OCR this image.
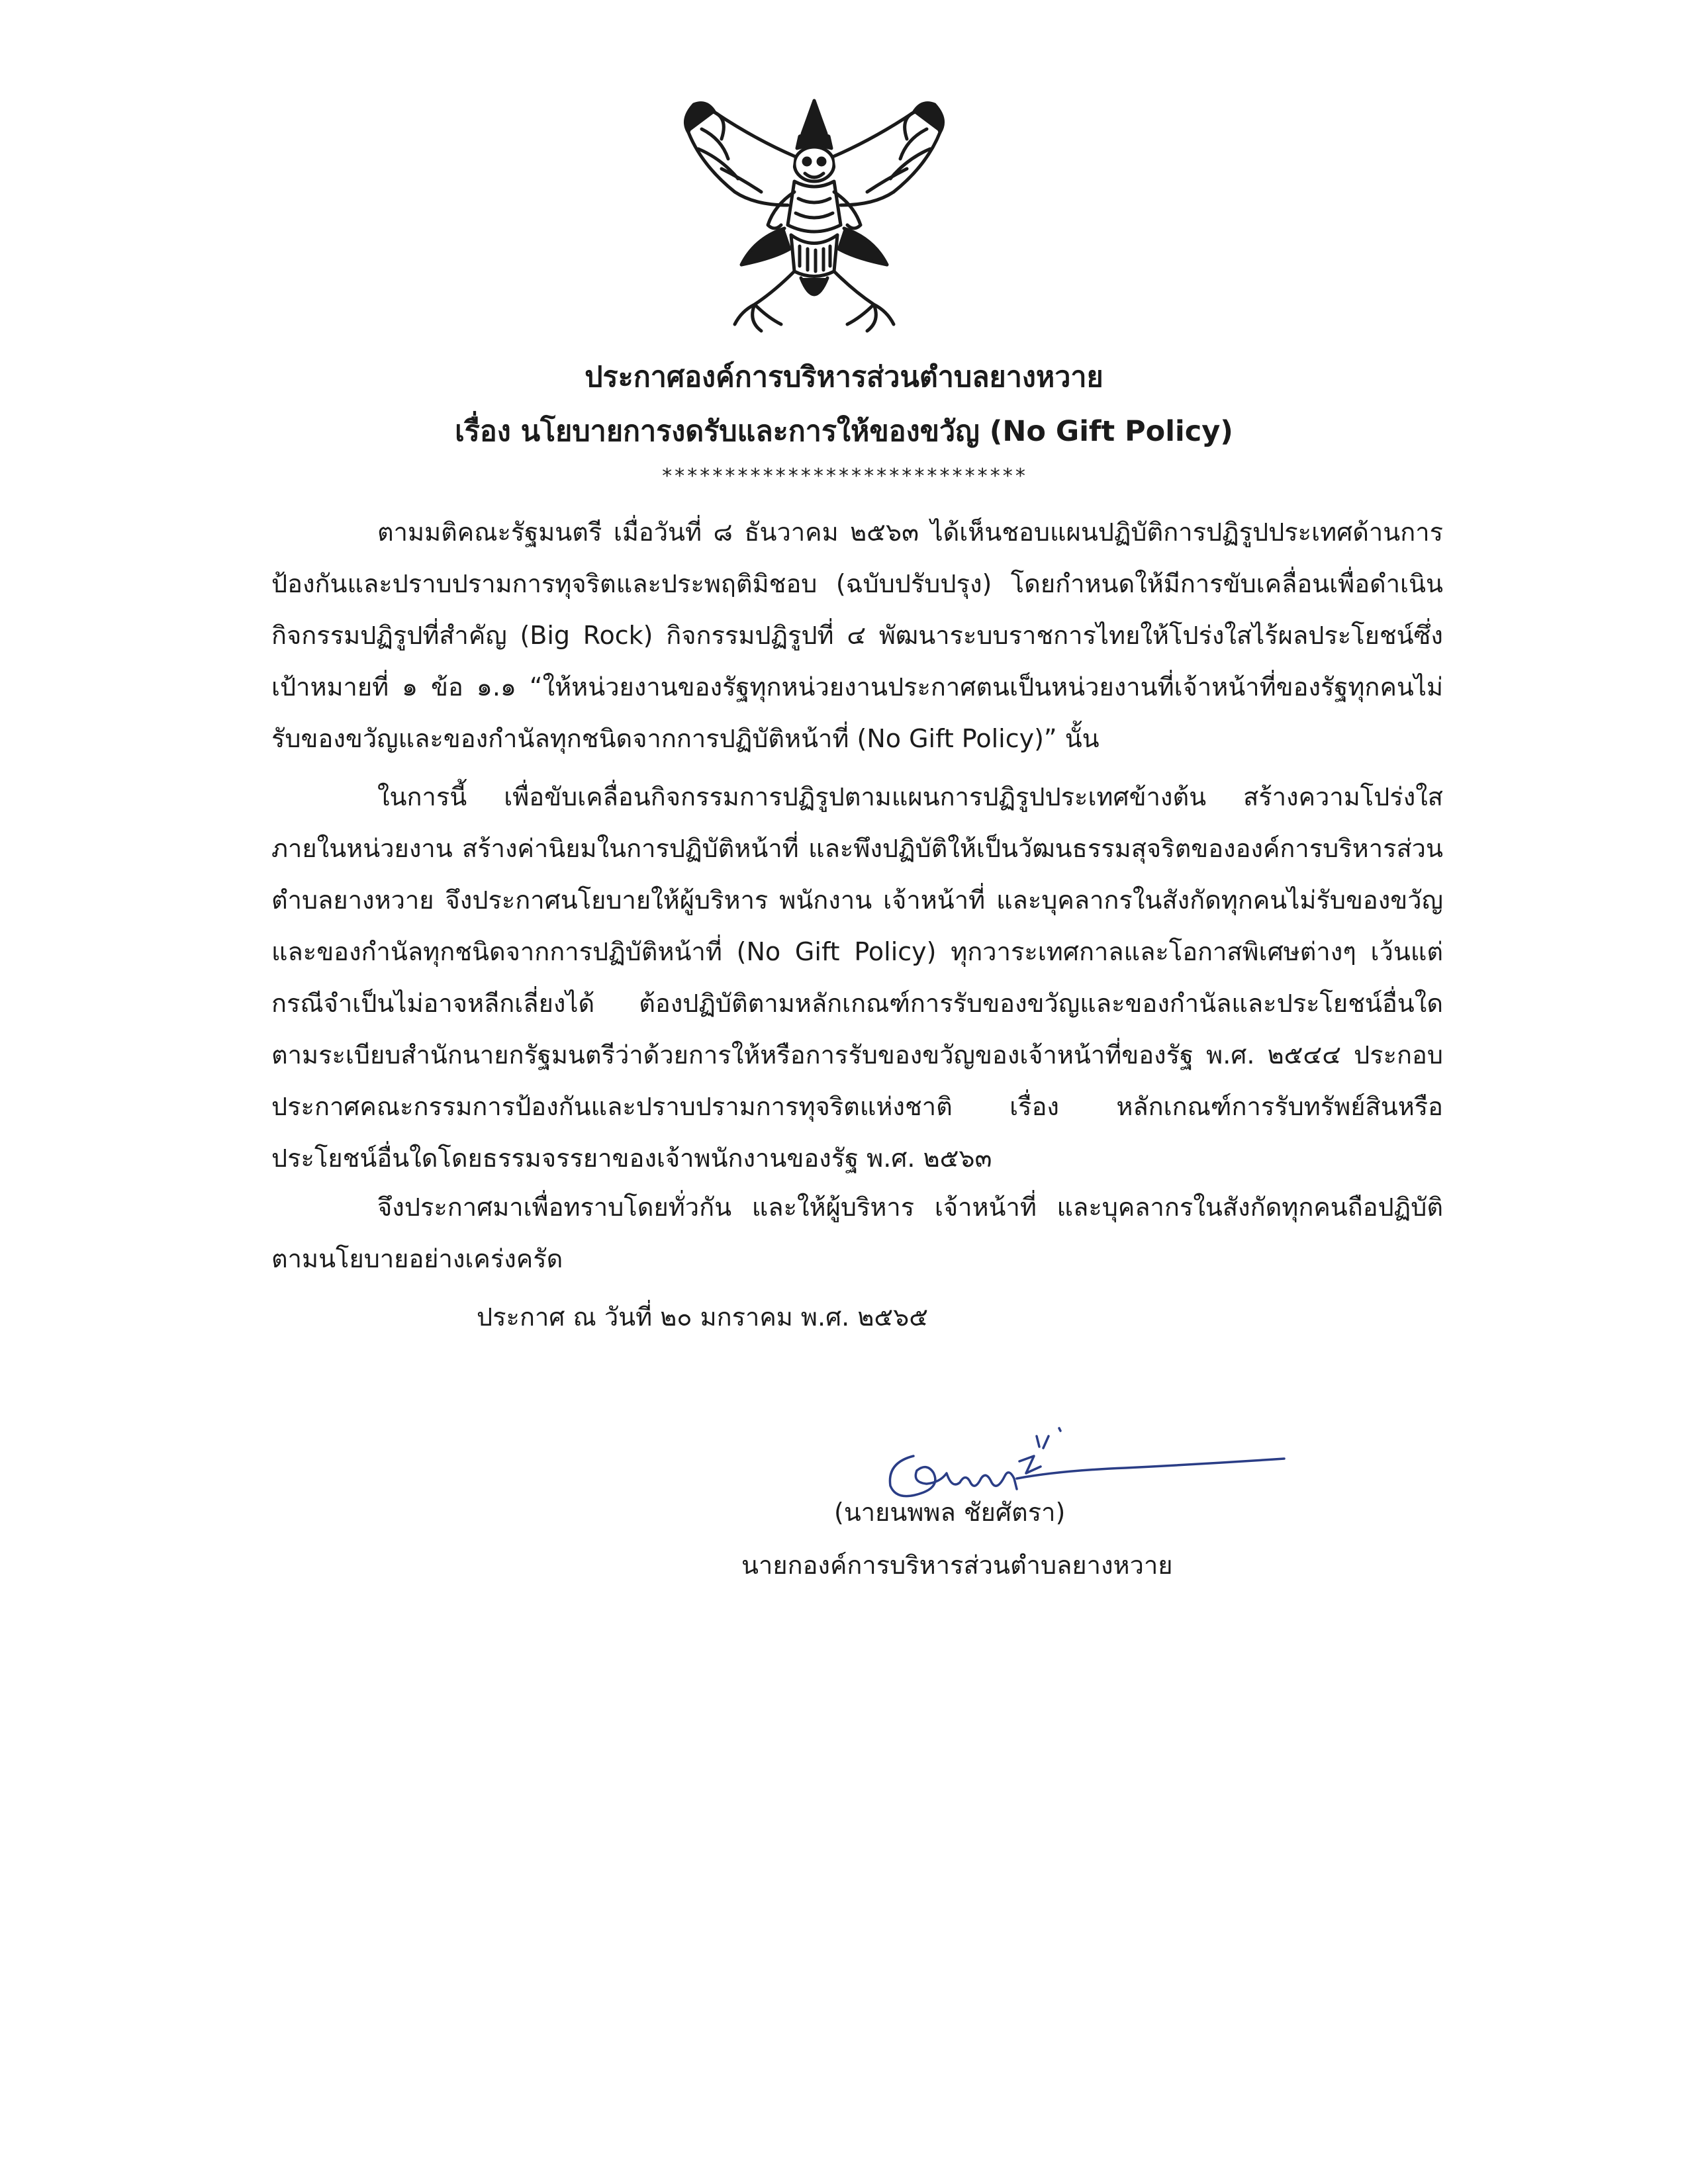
ประกาศองค์การบริหารส่วนตำบลยางหวาย

เรื่อง นโยบายการงดรับและการให้ของขวัญ (No Gift Policy)

*****************************

ตามมติคณะรัฐมนตรี เมื่อวันที่ ๘ ธันวาคม ๒๕๖๓ ได้เห็นชอบแผนปฏิบัติการปฏิรูปประเทศด้านการป้องกันและปราบปรามการทุจริตและประพฤติมิชอบ (ฉบับปรับปรุง) โดยกำหนดให้มีการขับเคลื่อนเพื่อดำเนินกิจกรรมปฏิรูปที่สำคัญ (Big Rock) กิจกรรมปฏิรูปที่ ๔ พัฒนาระบบราชการไทยให้โปร่งใสไร้ผลประโยชน์ซึ่งเป้าหมายที่ ๑ ข้อ ๑.๑ “ให้หน่วยงานของรัฐทุกหน่วยงานประกาศตนเป็นหน่วยงานที่เจ้าหน้าที่ของรัฐทุกคนไม่รับของขวัญและของกำนัลทุกชนิดจากการปฏิบัติหน้าที่ (No Gift Policy)” นั้น

ในการนี้ เพื่อขับเคลื่อนกิจกรรมการปฏิรูปตามแผนการปฏิรูปประเทศข้างต้น สร้างความโปร่งใสภายในหน่วยงาน สร้างค่านิยมในการปฏิบัติหน้าที่ และพึงปฏิบัติให้เป็นวัฒนธรรมสุจริตขององค์การบริหารส่วนตำบลยางหวาย จึงประกาศนโยบายให้ผู้บริหาร พนักงาน เจ้าหน้าที่ และบุคลากรในสังกัดทุกคนไม่รับของขวัญและของกำนัลทุกชนิดจากการปฏิบัติหน้าที่ (No Gift Policy) ทุกวาระเทศกาลและโอกาสพิเศษต่างๆ เว้นแต่กรณีจำเป็นไม่อาจหลีกเลี่ยงได้ ต้องปฏิบัติตามหลักเกณฑ์การรับของขวัญและของกำนัลและประโยชน์อื่นใดตามระเบียบสำนักนายกรัฐมนตรีว่าด้วยการให้หรือการรับของขวัญของเจ้าหน้าที่ของรัฐ พ.ศ. ๒๕๔๔ ประกอบประกาศคณะกรรมการป้องกันและปราบปรามการทุจริตแห่งชาติ เรื่อง หลักเกณฑ์การรับทรัพย์สินหรือประโยชน์อื่นใดโดยธรรมจรรยาของเจ้าพนักงานของรัฐ พ.ศ. ๒๕๖๓

จึงประกาศมาเพื่อทราบโดยทั่วกัน และให้ผู้บริหาร เจ้าหน้าที่ และบุคลากรในสังกัดทุกคนถือปฏิบัติตามนโยบายอย่างเคร่งครัด

ประกาศ ณ วันที่ ๒๐ มกราคม พ.ศ. ๒๕๖๕
(นายนพพล ชัยศัตรา)
นายกองค์การบริหารส่วนตำบลยางหวาย
